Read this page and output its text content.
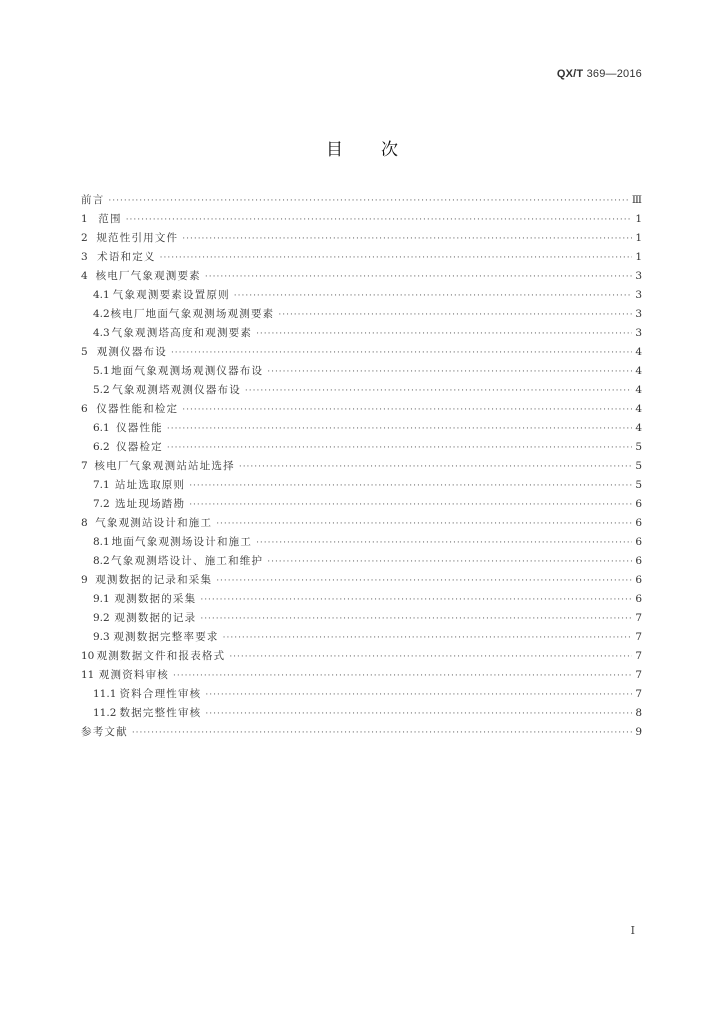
QX/T 369—2016
目次
前言 ·····	Ⅲ
1	范围 ·····	1
2 规范性引用文件 ·····	1
3 术语和定义 ·····	1
4 核电厂气象观测要素 ·····	3
4.1 气象观测要素设置原则 ·····	3
4.2 核电厂地面气象观测场观测要素 ·····	3
4.3 气象观测塔高度和观测要素 ·····	3
5 观测仪器布设 ·····	4
5.1 地面气象观测场观测仪器布设 ·····	4
5.2 气象观测塔观测仪器布设 ·····	4
6 仪器性能和检定 ·····	4
6.1 仪器性能 ·····	4
6.2 仪器检定 ·····	5
7 核电厂气象观测站站址选择 ·····	5
7.1 站址选取原则 ·····	5
7.2 选址现场踏勘 ·····	6
8 气象观测站设计和施工 ·····	6
8.1 地面气象观测场设计和施工 ·····	6
8.2 气象观测塔设计、施工和维护 ·····	6
9 观测数据的记录和采集 ·····	6
9.1 观测数据的采集 ·····	6
9.2 观测数据的记录 ·····	7
9.3 观测数据完整率要求 ·····	7
10 观测数据文件和报表格式 ·····	7
11 观测资料审核 ·····	7
11.1 资料合理性审核 ·····	7
11.2 数据完整性审核 ·····	8
参考文献 ·····	9
Ⅰ
